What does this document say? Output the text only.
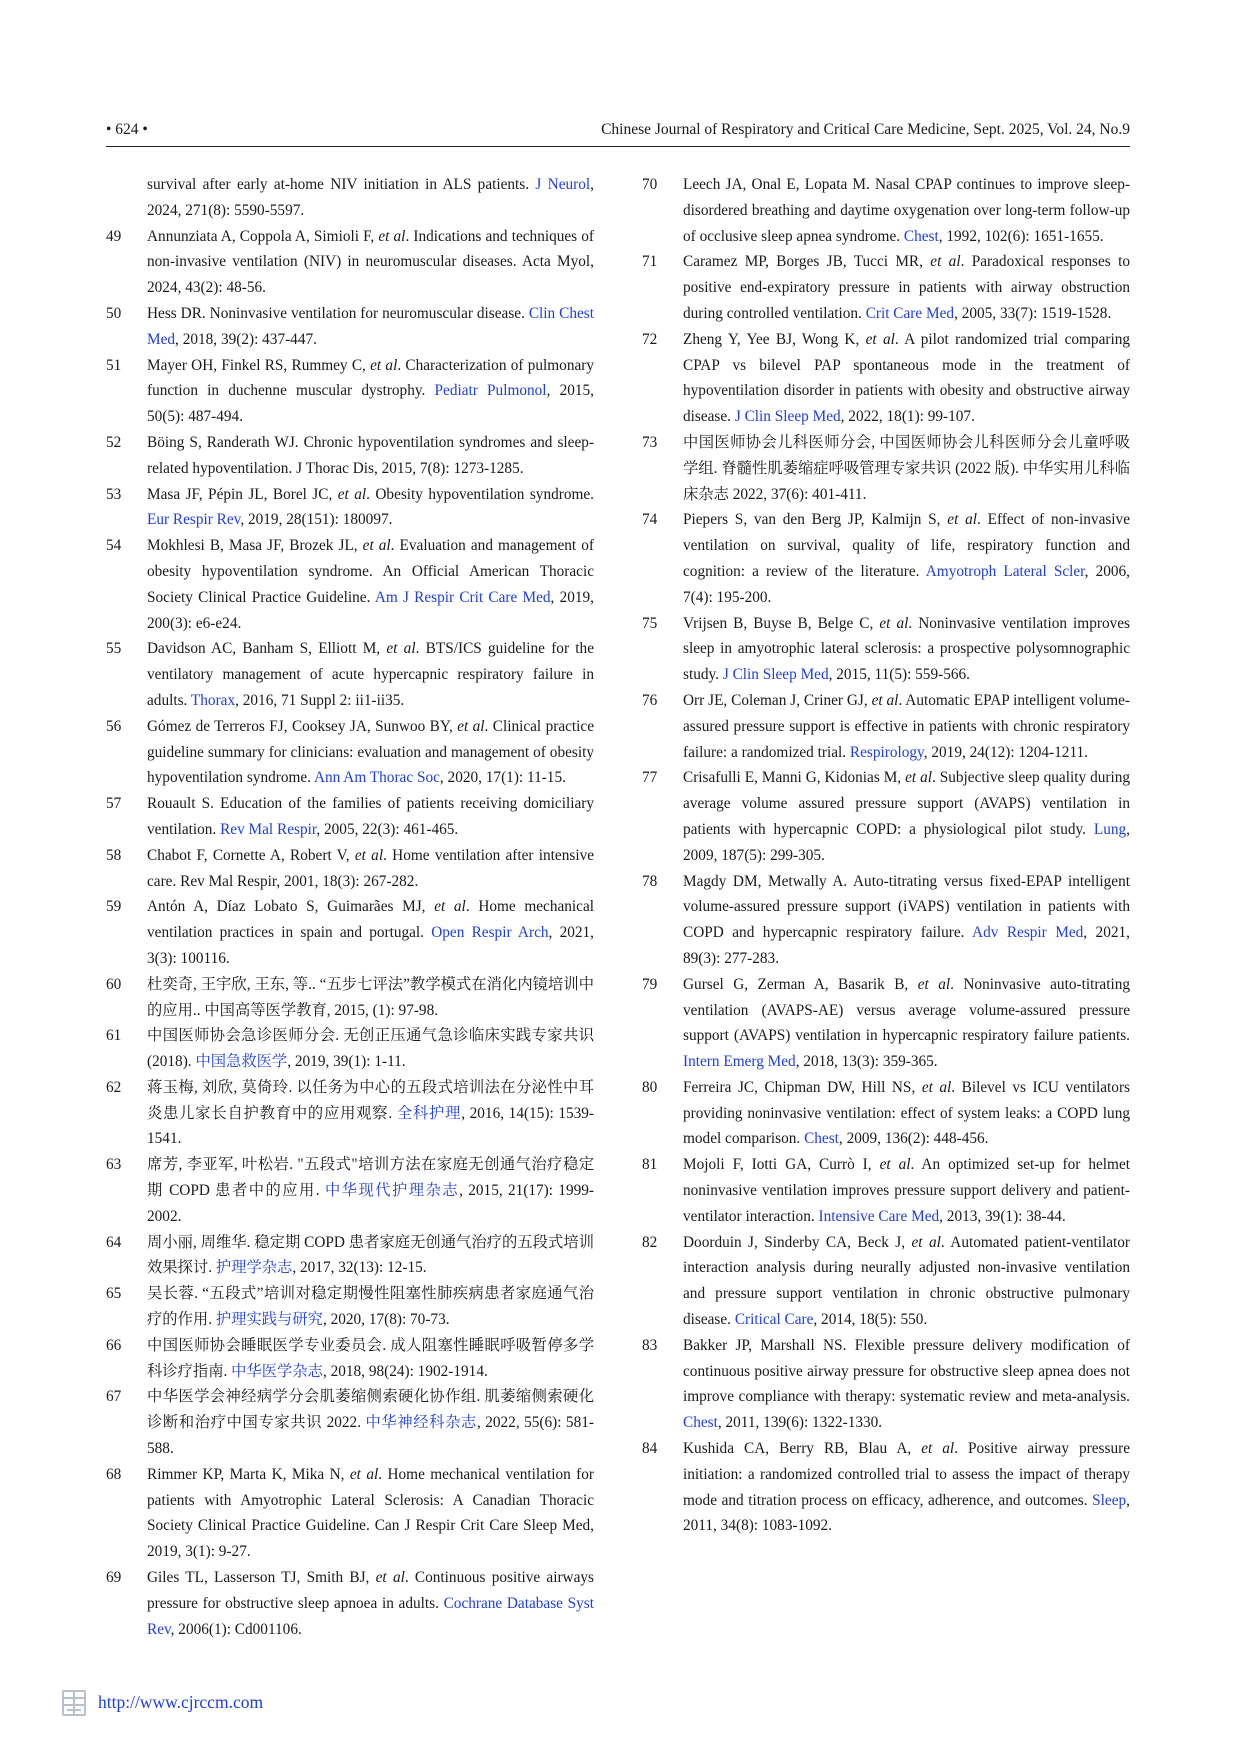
• 624 •	Chinese Journal of Respiratory and Critical Care Medicine, Sept. 2025, Vol. 24, No.9
survival after early at-home NIV initiation in ALS patients. J Neurol, 2024, 271(8): 5590-5597.
49 Annunziata A, Coppola A, Simioli F, et al. Indications and techniques of non-invasive ventilation (NIV) in neuromuscular diseases. Acta Myol, 2024, 43(2): 48-56.
50 Hess DR. Noninvasive ventilation for neuromuscular disease. Clin Chest Med, 2018, 39(2): 437-447.
51 Mayer OH, Finkel RS, Rummey C, et al. Characterization of pulmonary function in duchenne muscular dystrophy. Pediatr Pulmonol, 2015, 50(5): 487-494.
52 Böing S, Randerath WJ. Chronic hypoventilation syndromes and sleep-related hypoventilation. J Thorac Dis, 2015, 7(8): 1273-1285.
53 Masa JF, Pépin JL, Borel JC, et al. Obesity hypoventilation syndrome. Eur Respir Rev, 2019, 28(151): 180097.
54 Mokhlesi B, Masa JF, Brozek JL, et al. Evaluation and management of obesity hypoventilation syndrome. An Official American Thoracic Society Clinical Practice Guideline. Am J Respir Crit Care Med, 2019, 200(3): e6-e24.
55 Davidson AC, Banham S, Elliott M, et al. BTS/ICS guideline for the ventilatory management of acute hypercapnic respiratory failure in adults. Thorax, 2016, 71 Suppl 2: ii1-ii35.
56 Gómez de Terreros FJ, Cooksey JA, Sunwoo BY, et al. Clinical practice guideline summary for clinicians: evaluation and management of obesity hypoventilation syndrome. Ann Am Thorac Soc, 2020, 17(1): 11-15.
57 Rouault S. Education of the families of patients receiving domiciliary ventilation. Rev Mal Respir, 2005, 22(3): 461-465.
58 Chabot F, Cornette A, Robert V, et al. Home ventilation after intensive care. Rev Mal Respir, 2001, 18(3): 267-282.
59 Antón A, Díaz Lobato S, Guimarães MJ, et al. Home mechanical ventilation practices in spain and portugal. Open Respir Arch, 2021, 3(3): 100116.
60 杜奕奇, 王宇欣, 王东, 等.. “五步七评法”教学模式在消化内镜培训中的应用.. 中国高等医学教育, 2015, (1): 97-98.
61 中国医师协会急诊医师分会. 无创正压通气急诊临床实践专家共识 (2018). 中国急救医学, 2019, 39(1): 1-11.
62 蒋玉梅, 刘欣, 莫倚玲. 以任务为中心的五段式培训法在分泌性中耳炎患儿家长自护教育中的应用观察. 全科护理, 2016, 14(15): 1539-1541.
63 席芳, 李亚军, 叶松岩. "五段式"培训方法在家庭无创通气治疗稳定期 COPD 患者中的应用. 中华现代护理杂志, 2015, 21(17): 1999-2002.
64 周小丽, 周维华. 稳定期 COPD 患者家庭无创通气治疗的五段式培训效果探讨. 护理学杂志, 2017, 32(13): 12-15.
65 吴长蓉. “五段式”培训对稳定期慢性阻塞性肺疾病患者家庭通气治疗的作用. 护理实践与研究, 2020, 17(8): 70-73.
66 中国医师协会睡眠医学专业委员会. 成人阻塞性睡眠呼吸暂停多学科诊疗指南. 中华医学杂志, 2018, 98(24): 1902-1914.
67 中华医学会神经病学分会肌萎缩侧索硬化协作组. 肌萎缩侧索硬化诊断和治疗中国专家共识 2022. 中华神经科杂志, 2022, 55(6): 581-588.
68 Rimmer KP, Marta K, Mika N, et al. Home mechanical ventilation for patients with Amyotrophic Lateral Sclerosis: A Canadian Thoracic Society Clinical Practice Guideline. Can J Respir Crit Care Sleep Med, 2019, 3(1): 9-27.
69 Giles TL, Lasserson TJ, Smith BJ, et al. Continuous positive airways pressure for obstructive sleep apnoea in adults. Cochrane Database Syst Rev, 2006(1): Cd001106.
70 Leech JA, Onal E, Lopata M. Nasal CPAP continues to improve sleep-disordered breathing and daytime oxygenation over long-term follow-up of occlusive sleep apnea syndrome. Chest, 1992, 102(6): 1651-1655.
71 Caramez MP, Borges JB, Tucci MR, et al. Paradoxical responses to positive end-expiratory pressure in patients with airway obstruction during controlled ventilation. Crit Care Med, 2005, 33(7): 1519-1528.
72 Zheng Y, Yee BJ, Wong K, et al. A pilot randomized trial comparing CPAP vs bilevel PAP spontaneous mode in the treatment of hypoventilation disorder in patients with obesity and obstructive airway disease. J Clin Sleep Med, 2022, 18(1): 99-107.
73 中国医师协会儿科医师分会, 中国医师协会儿科医师分会儿童呼吸学组. 脊髓性肌萎缩症呼吸管理专家共识 (2022 版). 中华实用儿科临床杂志 2022, 37(6): 401-411.
74 Piepers S, van den Berg JP, Kalmijn S, et al. Effect of non-invasive ventilation on survival, quality of life, respiratory function and cognition: a review of the literature. Amyotroph Lateral Scler, 2006, 7(4): 195-200.
75 Vrijsen B, Buyse B, Belge C, et al. Noninvasive ventilation improves sleep in amyotrophic lateral sclerosis: a prospective polysomnographic study. J Clin Sleep Med, 2015, 11(5): 559-566.
76 Orr JE, Coleman J, Criner GJ, et al. Automatic EPAP intelligent volume-assured pressure support is effective in patients with chronic respiratory failure: a randomized trial. Respirology, 2019, 24(12): 1204-1211.
77 Crisafulli E, Manni G, Kidonias M, et al. Subjective sleep quality during average volume assured pressure support (AVAPS) ventilation in patients with hypercapnic COPD: a physiological pilot study. Lung, 2009, 187(5): 299-305.
78 Magdy DM, Metwally A. Auto-titrating versus fixed-EPAP intelligent volume-assured pressure support (iVAPS) ventilation in patients with COPD and hypercapnic respiratory failure. Adv Respir Med, 2021, 89(3): 277-283.
79 Gursel G, Zerman A, Basarik B, et al. Noninvasive auto-titrating ventilation (AVAPS-AE) versus average volume-assured pressure support (AVAPS) ventilation in hypercapnic respiratory failure patients. Intern Emerg Med, 2018, 13(3): 359-365.
80 Ferreira JC, Chipman DW, Hill NS, et al. Bilevel vs ICU ventilators providing noninvasive ventilation: effect of system leaks: a COPD lung model comparison. Chest, 2009, 136(2): 448-456.
81 Mojoli F, Iotti GA, Currò I, et al. An optimized set-up for helmet noninvasive ventilation improves pressure support delivery and patient-ventilator interaction. Intensive Care Med, 2013, 39(1): 38-44.
82 Doorduin J, Sinderby CA, Beck J, et al. Automated patient-ventilator interaction analysis during neurally adjusted non-invasive ventilation and pressure support ventilation in chronic obstructive pulmonary disease. Critical Care, 2014, 18(5): 550.
83 Bakker JP, Marshall NS. Flexible pressure delivery modification of continuous positive airway pressure for obstructive sleep apnea does not improve compliance with therapy: systematic review and meta-analysis. Chest, 2011, 139(6): 1322-1330.
84 Kushida CA, Berry RB, Blau A, et al. Positive airway pressure initiation: a randomized controlled trial to assess the impact of therapy mode and titration process on efficacy, adherence, and outcomes. Sleep, 2011, 34(8): 1083-1092.
http://www.cjrccm.com
